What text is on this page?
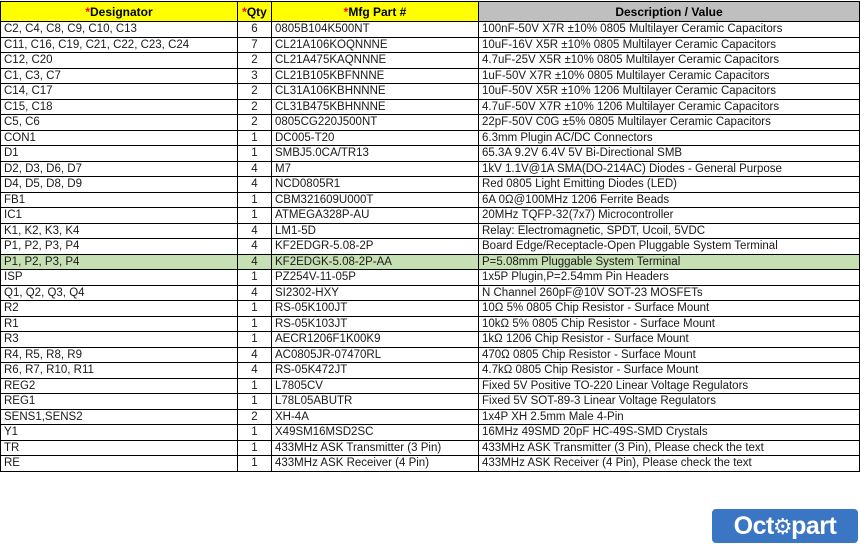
*Designator	*Qty	*Mfg Part #	Description / Value
C2, C4, C8, C9, C10, C13	6	0805B104K500NT	100nF-50V X7R ±10% 0805 Multilayer Ceramic Capacitors
C11, C16, C19, C21, C22, C23, C24	7	CL21A106KOQNNNE	10uF-16V X5R ±10% 0805 Multilayer Ceramic Capacitors
C12, C20	2	CL21A475KAQNNNE	4.7uF-25V X5R ±10% 0805 Multilayer Ceramic Capacitors
C1, C3, C7	3	CL21B105KBFNNNE	1uF-50V X7R ±10% 0805 Multilayer Ceramic Capacitors
C14, C17	2	CL31A106KBHNNNE	10uF-50V X5R ±10% 1206 Multilayer Ceramic Capacitors
C15, C18	2	CL31B475KBHNNNE	4.7uF-50V X7R ±10% 1206 Multilayer Ceramic Capacitors
C5, C6	2	0805CG220J500NT	22pF-50V C0G ±5% 0805 Multilayer Ceramic Capacitors
CON1	1	DC005-T20	6.3mm Plugin AC/DC Connectors
D1	1	SMBJ5.0CA/TR13	65.3A 9.2V 6.4V 5V Bi-Directional SMB
D2, D3, D6, D7	4	M7	1kV 1.1V@1A SMA(DO-214AC) Diodes - General Purpose
D4, D5, D8, D9	4	NCD0805R1	Red 0805 Light Emitting Diodes (LED)
FB1	1	CBM321609U000T	6A 0Ω@100MHz 1206 Ferrite Beads
IC1	1	ATMEGA328P-AU	20MHz TQFP-32(7x7) Microcontroller
K1, K2, K3, K4	4	LM1-5D	Relay: Electromagnetic, SPDT, Ucoil, 5VDC
P1, P2, P3, P4	4	KF2EDGR-5.08-2P	Board Edge/Receptacle-Open Pluggable System Terminal
P1, P2, P3, P4	4	KF2EDGK-5.08-2P-AA	P=5.08mm Pluggable System Terminal
ISP	1	PZ254V-11-05P	1x5P Plugin,P=2.54mm Pin Headers
Q1, Q2, Q3, Q4	4	SI2302-HXY	N Channel 260pF@10V SOT-23 MOSFETs
R2	1	RS-05K100JT	10Ω 5% 0805 Chip Resistor - Surface Mount
R1	1	RS-05K103JT	10kΩ 5% 0805 Chip Resistor - Surface Mount
R3	1	AECR1206F1K00K9	1kΩ 1206 Chip Resistor - Surface Mount
R4, R5, R8, R9	4	AC0805JR-07470RL	470Ω 0805 Chip Resistor - Surface Mount
R6, R7, R10, R11	4	RS-05K472JT	4.7kΩ 0805 Chip Resistor - Surface Mount
REG2	1	L7805CV	Fixed 5V Positive TO-220 Linear Voltage Regulators
REG1	1	L78L05ABUTR	Fixed 5V SOT-89-3 Linear Voltage Regulators
SENS1,SENS2	2	XH-4A	1x4P XH 2.5mm Male 4-Pin
Y1	1	X49SM16MSD2SC	16MHz 49SMD 20pF HC-49S-SMD Crystals
TR	1	433MHz ASK Transmitter (3 Pin)	433MHz ASK Transmitter (3 Pin), Please check the text
RE	1	433MHz ASK Receiver (4 Pin)	433MHz ASK Receiver (4 Pin), Please check the text
Oct ⚙ part
